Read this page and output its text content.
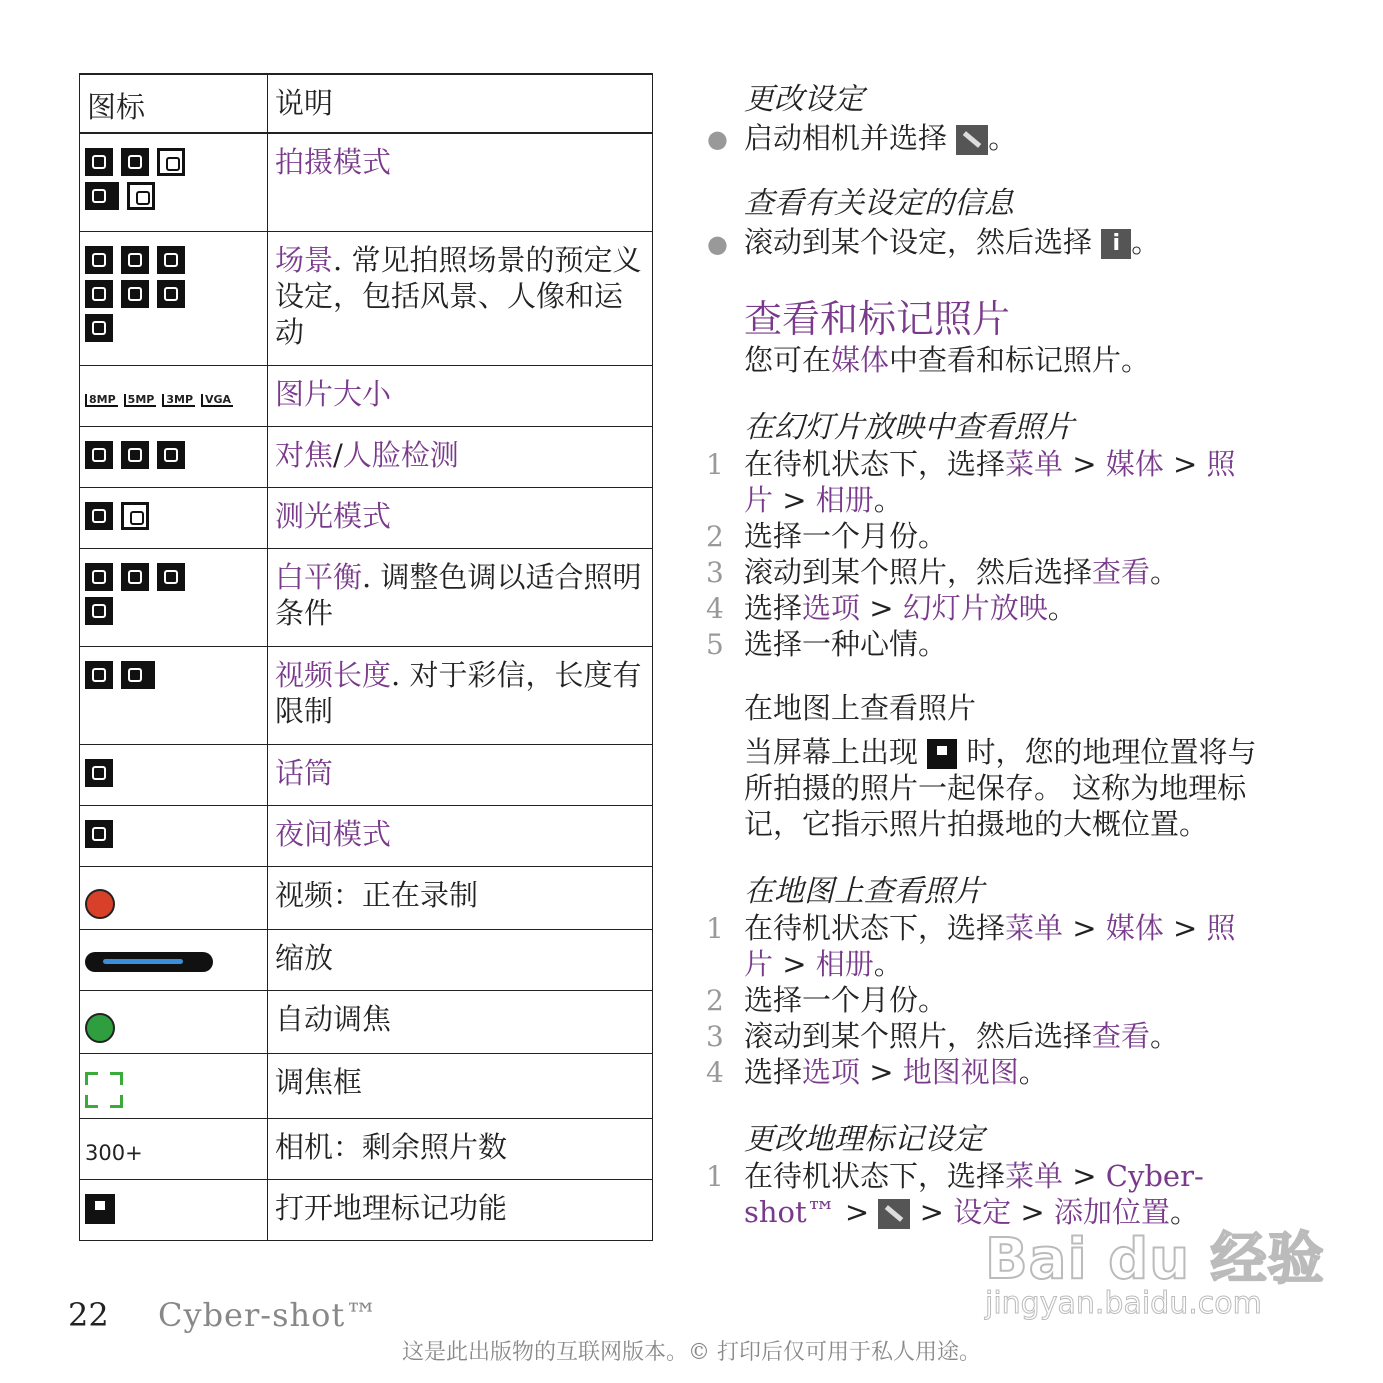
图标	说明

	拍摄模式

	场景. 常见拍照场景的预定义设定，包括风景、人像和运动
8MP 5MP 3MP VGA	图片大小
	对焦/人脸检测
	测光模式

	白平衡. 调整色调以适合照明条件
	视频长度. 对于彩信，长度有限制
	话筒
	夜间模式
	视频：正在录制
	缩放
	自动调焦

	调焦框
300+	相机：剩余照片数
	打开地理标记功能
更改设定
● 启动相机并选择 。
查看有关设定的信息
● 滚动到某个设定，然后选择 i 。
查看和标记照片
您可在媒体中查看和标记照片。
在幻灯片放映中查看照片
1 在待机状态下，选择菜单 > 媒体 > 照
片 > 相册。
2 选择一个月份。
3 滚动到某个照片，然后选择查看。
4 选择选项 > 幻灯片放映。
5 选择一种心情。
在地图上查看照片
当屏幕上出现 时，您的地理位置将与
所拍摄的照片一起保存。 这称为地理标
记，它指示照片拍摄地的大概位置。
在地图上查看照片
1 在待机状态下，选择菜单 > 媒体 > 照
片 > 相册。
2 选择一个月份。
3 滚动到某个照片，然后选择查看。
4 选择选项 > 地图视图。
更改地理标记设定
1 在待机状态下，选择菜单 > Cyber-
shot™ > > 设定 > 添加位置。
Bai du 经验
jingyan.baidu.com
22 Cyber-shot™
这是此出版物的互联网版本。© 打印后仅可用于私人用途。
